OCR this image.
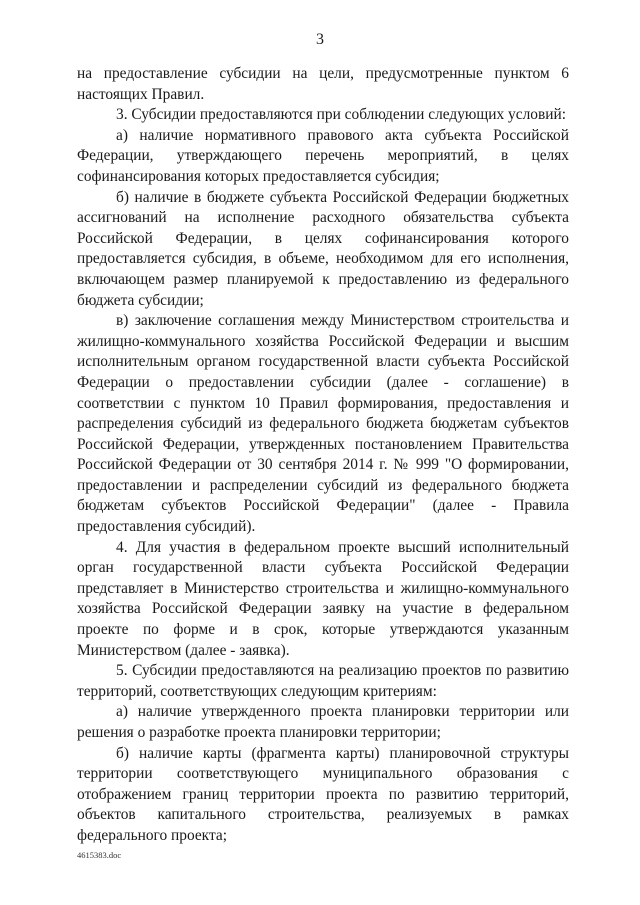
3

на предоставление субсидии на цели, предусмотренные пунктом 6 настоящих Правил.

3. Субсидии предоставляются при соблюдении следующих условий:

а) наличие нормативного правового акта субъекта Российской Федерации, утверждающего перечень мероприятий, в целях софинансирования которых предоставляется субсидия;

б) наличие в бюджете субъекта Российской Федерации бюджетных ассигнований на исполнение расходного обязательства субъекта Российской Федерации, в целях софинансирования которого предоставляется субсидия, в объеме, необходимом для его исполнения, включающем размер планируемой к предоставлению из федерального бюджета субсидии;

в) заключение соглашения между Министерством строительства и жилищно-коммунального хозяйства Российской Федерации и высшим исполнительным органом государственной власти субъекта Российской Федерации о предоставлении субсидии (далее - соглашение) в соответствии с пунктом 10 Правил формирования, предоставления и распределения субсидий из федерального бюджета бюджетам субъектов Российской Федерации, утвержденных постановлением Правительства Российской Федерации от 30 сентября 2014 г. № 999 "О формировании, предоставлении и распределении субсидий из федерального бюджета бюджетам субъектов Российской Федерации" (далее - Правила предоставления субсидий).

4. Для участия в федеральном проекте высший исполнительный орган государственной власти субъекта Российской Федерации представляет в Министерство строительства и жилищно-коммунального хозяйства Российской Федерации заявку на участие в федеральном проекте по форме и в срок, которые утверждаются указанным Министерством (далее - заявка).

5. Субсидии предоставляются на реализацию проектов по развитию территорий, соответствующих следующим критериям:

а) наличие утвержденного проекта планировки территории или решения о разработке проекта планировки территории;

б) наличие карты (фрагмента карты) планировочной структуры территории соответствующего муниципального образования с отображением границ территории проекта по развитию территорий, объектов капитального строительства, реализуемых в рамках федерального проекта;

4615383.doc
